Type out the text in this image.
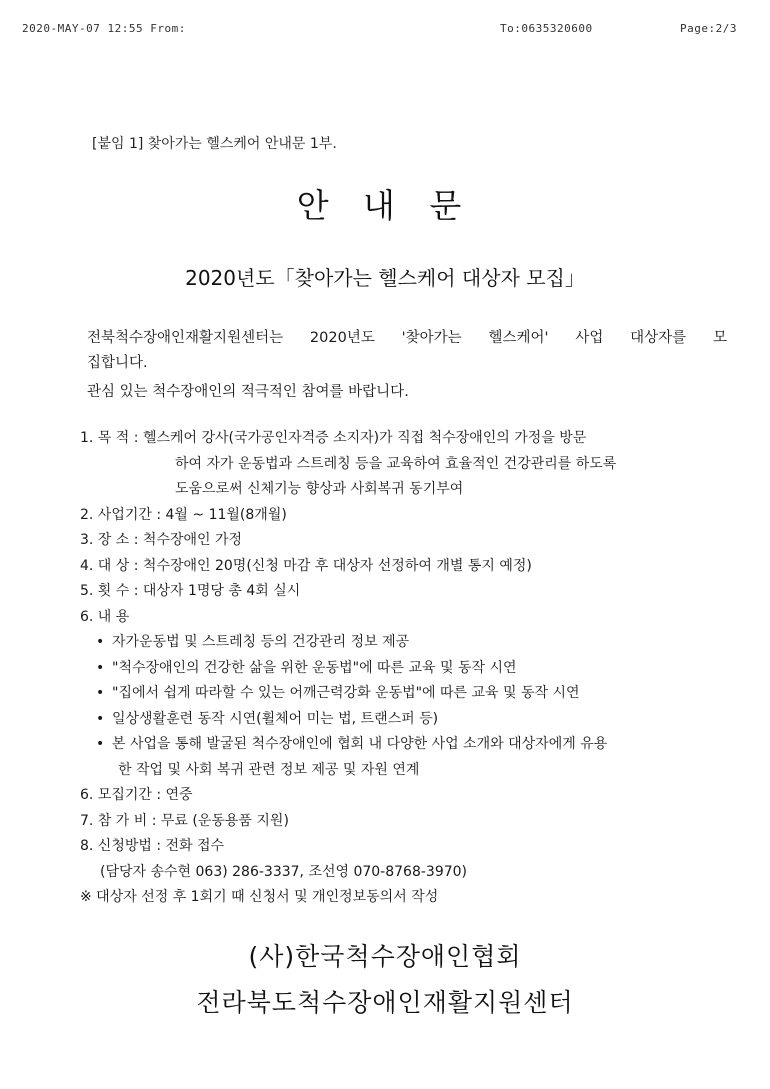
2020-MAY-07 12:55 From:	To:0635320600	Page:2/3
[붙임 1] 찾아가는 헬스케어 안내문 1부.
안 내 문
2020년도「찾아가는 헬스케어 대상자 모집」

전북척수장애인재활지원센터는 2020년도 '찾아가는 헬스케어' 사업 대상자를 모

집합니다.

관심 있는 척수장애인의 적극적인 참여를 바랍니다.

1. 목 적 : 헬스케어 강사(국가공인자격증 소지자)가 직접 척수장애인의 가정을 방문
하여 자가 운동법과 스트레칭 등을 교육하여 효율적인 건강관리를 하도록
도움으로써 신체기능 향상과 사회복귀 동기부여
2. 사업기간 : 4월 ~ 11월(8개월)
3. 장 소 : 척수장애인 가정
4. 대 상 : 척수장애인 20명(신청 마감 후 대상자 선정하여 개별 통지 예정)
5. 횟 수 : 대상자 1명당 총 4회 실시
6. 내 용
• 자가운동법 및 스트레칭 등의 건강관리 정보 제공
• "척수장애인의 건강한 삶을 위한 운동법"에 따른 교육 및 동작 시연
• "집에서 쉽게 따라할 수 있는 어깨근력강화 운동법"에 따른 교육 및 동작 시연
• 일상생활훈련 동작 시연(휠체어 미는 법, 트랜스퍼 등)
• 본 사업을 통해 발굴된 척수장애인에 협회 내 다양한 사업 소개와 대상자에게 유용
한 작업 및 사회 복귀 관련 정보 제공 및 자원 연계
6. 모집기간 : 연중
7. 참 가 비 : 무료 (운동용품 지원)
8. 신청방법 : 전화 접수
(담당자 송수현 063) 286-3337, 조선영 070-8768-3970)
※ 대상자 선정 후 1회기 때 신청서 및 개인정보동의서 작성
(사)한국척수장애인협회
전라북도척수장애인재활지원센터
